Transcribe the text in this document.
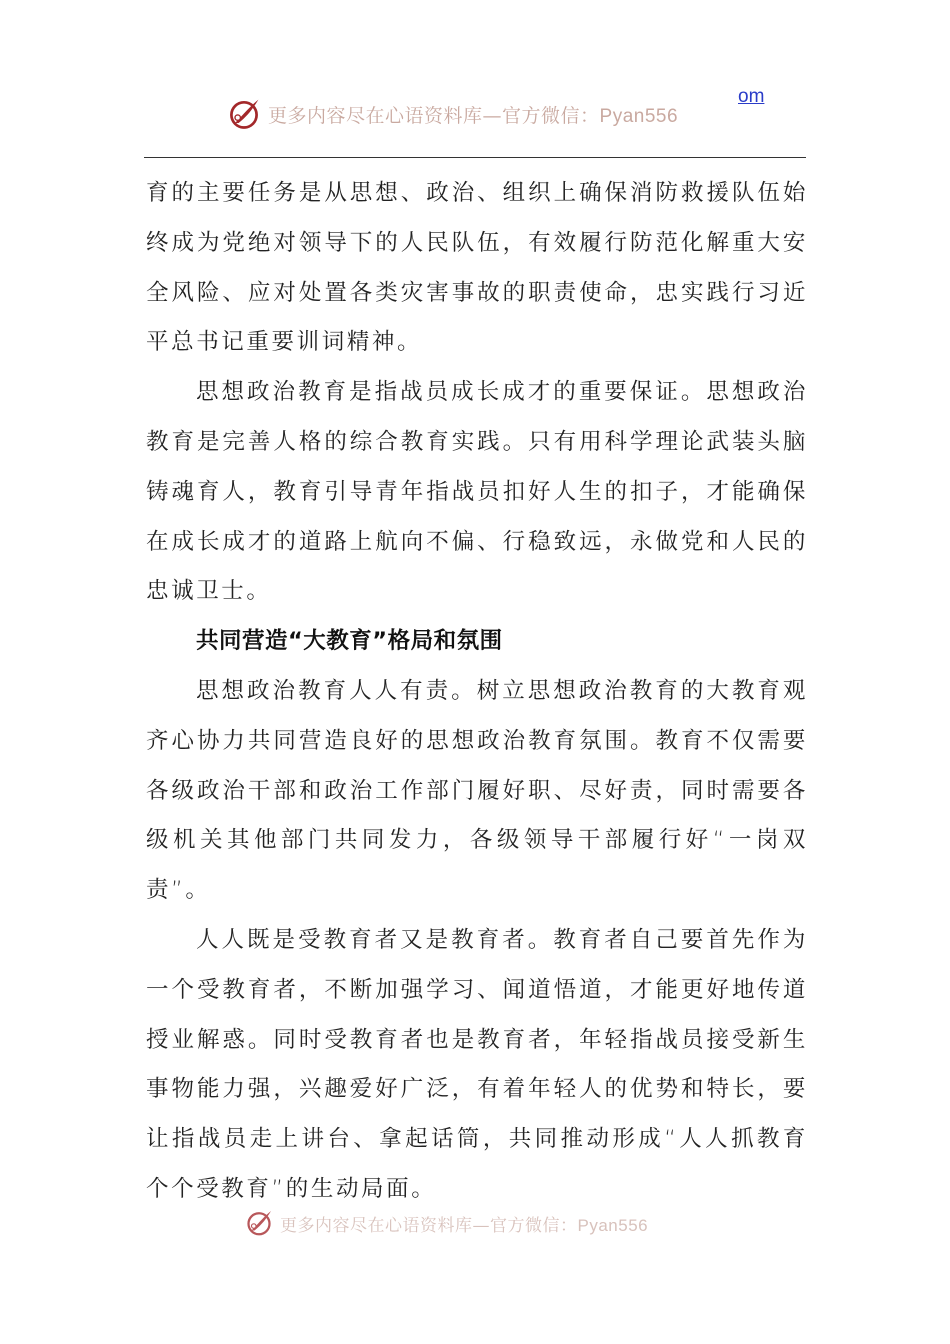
更多内容尽在心语资料库—官方微信：Pyan556
om

育的主要任务是从思想、政治、组织上确保消防救援队伍始终成为党绝对领导下的人民队伍，有效履行防范化解重大安全风险、应对处置各类灾害事故的职责使命，忠实践行习近平总书记重要训词精神。

思想政治教育是指战员成长成才的重要保证。思想政治教育是完善人格的综合教育实践。只有用科学理论武装头脑铸魂育人，教育引导青年指战员扣好人生的扣子，才能确保在成长成才的道路上航向不偏、行稳致远，永做党和人民的忠诚卫士。

共同营造“大教育”格局和氛围

思想政治教育人人有责。树立思想政治教育的大教育观齐心协力共同营造良好的思想政治教育氛围。教育不仅需要各级政治干部和政治工作部门履好职、尽好责，同时需要各级机关其他部门共同发力，各级领导干部履行好“一岗双责”。

人人既是受教育者又是教育者。教育者自己要首先作为一个受教育者，不断加强学习、闻道悟道，才能更好地传道授业解惑。同时受教育者也是教育者，年轻指战员接受新生事物能力强，兴趣爱好广泛，有着年轻人的优势和特长，要让指战员走上讲台、拿起话筒，共同推动形成“人人抓教育个个受教育”的生动局面。

更多内容尽在心语资料库—官方微信：Pyan556
